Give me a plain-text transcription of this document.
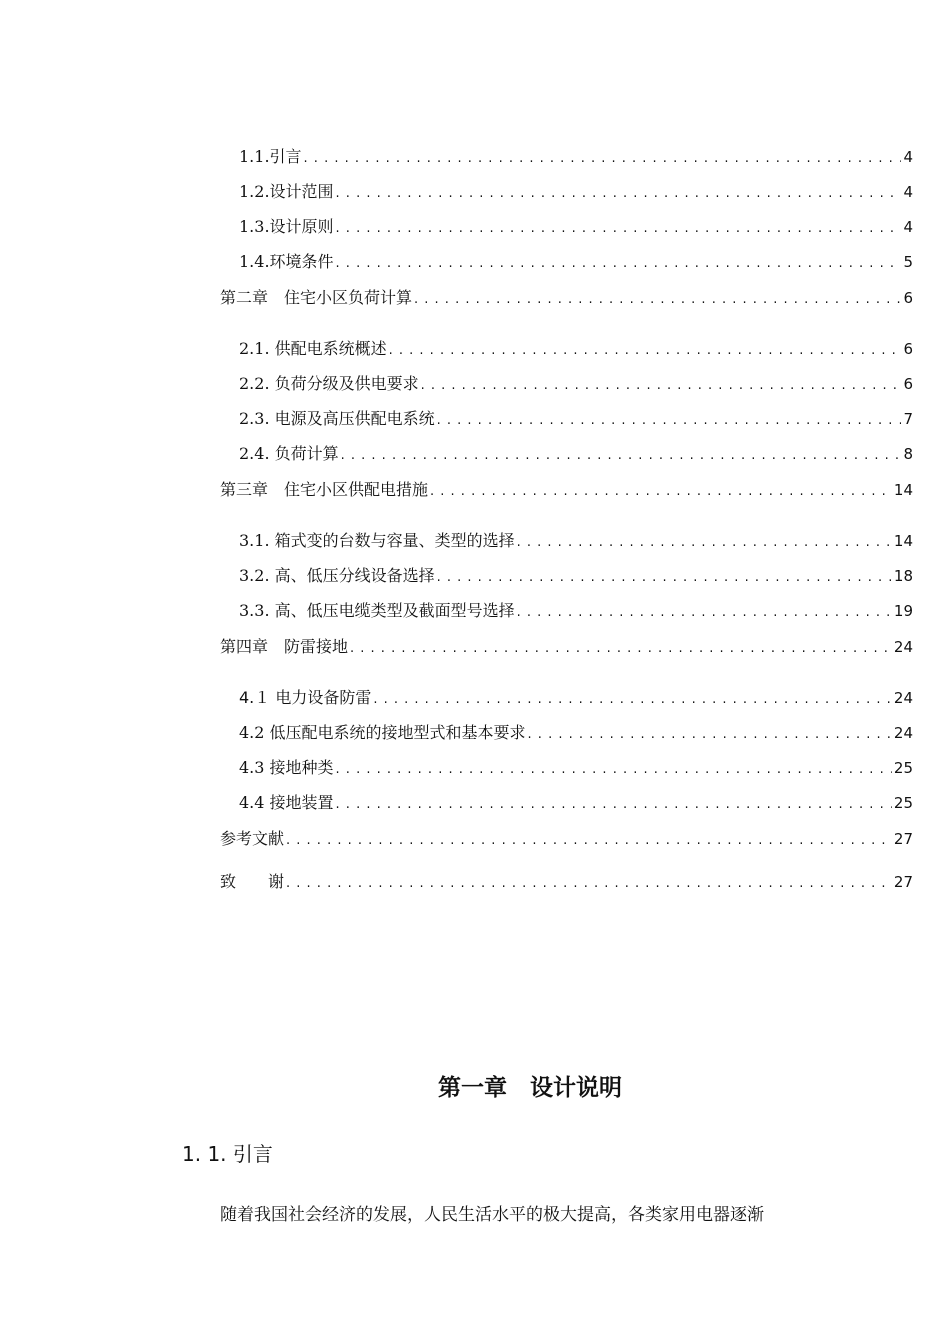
1.1.引言 . . .	4
1.2.设计范围 . . .	4
1.3.设计原则 . . .	4
1.4.环境条件 . . .	5
第二章　住宅小区负荷计算 . . .	6
2.1. 供配电系统概述 . . .	6
2.2. 负荷分级及供电要求 . . .	6
2.3. 电源及高压供配电系统 . . .	7
2.4. 负荷计算 . . .	8
第三章　住宅小区供配电措施 . . .	14
3.1. 箱式变的台数与容量、类型的选择 . . .	14
3.2. 高、低压分线设备选择 . . .	18
3.3. 高、低压电缆类型及截面型号选择 . . .	19
第四章　防雷接地 . . .	24
4.１ 电力设备防雷 . . .	24
4.2 低压配电系统的接地型式和基本要求 . . .	24
4.3 接地种类 . . .	25
4.4 接地装置 . . .	25
参考文献 . . .	27
致　　谢 . . .	27
第一章　设计说明
1. 1. 引言
随着我国社会经济的发展，人民生活水平的极大提高，各类家用电器逐渐
